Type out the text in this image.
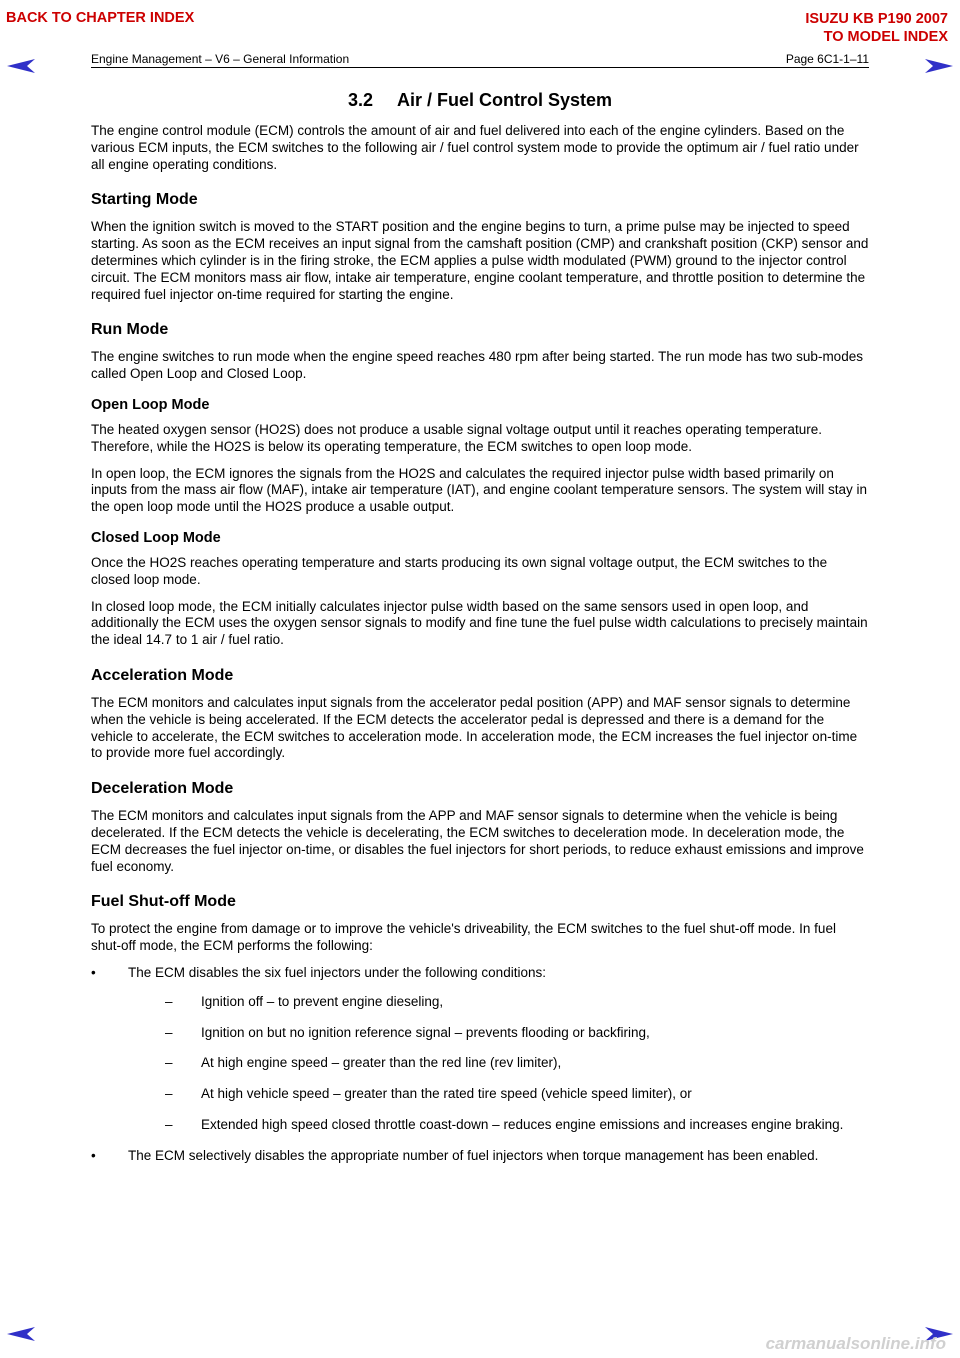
BACK TO CHAPTER INDEX	ISUZU KB P190 2007
TO MODEL INDEX
Engine Management – V6 – General Information	Page 6C1-1–11
3.2 Air / Fuel Control System

The engine control module (ECM) controls the amount of air and fuel delivered into each of the engine cylinders. Based on the various ECM inputs, the ECM switches to the following air / fuel control system mode to provide the optimum air / fuel ratio under all engine operating conditions.

Starting Mode

When the ignition switch is moved to the START position and the engine begins to turn, a prime pulse may be injected to speed starting. As soon as the ECM receives an input signal from the camshaft position (CMP) and crankshaft position (CKP) sensor and determines which cylinder is in the firing stroke, the ECM applies a pulse width modulated (PWM) ground to the injector control circuit. The ECM monitors mass air flow, intake air temperature, engine coolant temperature, and throttle position to determine the required fuel injector on-time required for starting the engine.

Run Mode

The engine switches to run mode when the engine speed reaches 480 rpm after being started. The run mode has two sub-modes called Open Loop and Closed Loop.

Open Loop Mode

The heated oxygen sensor (HO2S) does not produce a usable signal voltage output until it reaches operating temperature. Therefore, while the HO2S is below its operating temperature, the ECM switches to open loop mode.

In open loop, the ECM ignores the signals from the HO2S and calculates the required injector pulse width based primarily on inputs from the mass air flow (MAF), intake air temperature (IAT), and engine coolant temperature sensors. The system will stay in the open loop mode until the HO2S produce a usable output.

Closed Loop Mode

Once the HO2S reaches operating temperature and starts producing its own signal voltage output, the ECM switches to the closed loop mode.

In closed loop mode, the ECM initially calculates injector pulse width based on the same sensors used in open loop, and additionally the ECM uses the oxygen sensor signals to modify and fine tune the fuel pulse width calculations to precisely maintain the ideal 14.7 to 1 air / fuel ratio.

Acceleration Mode

The ECM monitors and calculates input signals from the accelerator pedal position (APP) and MAF sensor signals to determine when the vehicle is being accelerated. If the ECM detects the accelerator pedal is depressed and there is a demand for the vehicle to accelerate, the ECM switches to acceleration mode. In acceleration mode, the ECM increases the fuel injector on-time to provide more fuel accordingly.

Deceleration Mode

The ECM monitors and calculates input signals from the APP and MAF sensor signals to determine when the vehicle is being decelerated. If the ECM detects the vehicle is decelerating, the ECM switches to deceleration mode. In deceleration mode, the ECM decreases the fuel injector on-time, or disables the fuel injectors for short periods, to reduce exhaust emissions and improve fuel economy.

Fuel Shut-off Mode

To protect the engine from damage or to improve the vehicle's driveability, the ECM switches to the fuel shut-off mode. In fuel shut-off mode, the ECM performs the following:

• The ECM disables the six fuel injectors under the following conditions:
– Ignition off – to prevent engine dieseling,
– Ignition on but no ignition reference signal – prevents flooding or backfiring,
– At high engine speed – greater than the red line (rev limiter),
– At high vehicle speed – greater than the rated tire speed (vehicle speed limiter), or
– Extended high speed closed throttle coast-down – reduces engine emissions and increases engine braking.
• The ECM selectively disables the appropriate number of fuel injectors when torque management has been enabled.
carmanualsonline.info
